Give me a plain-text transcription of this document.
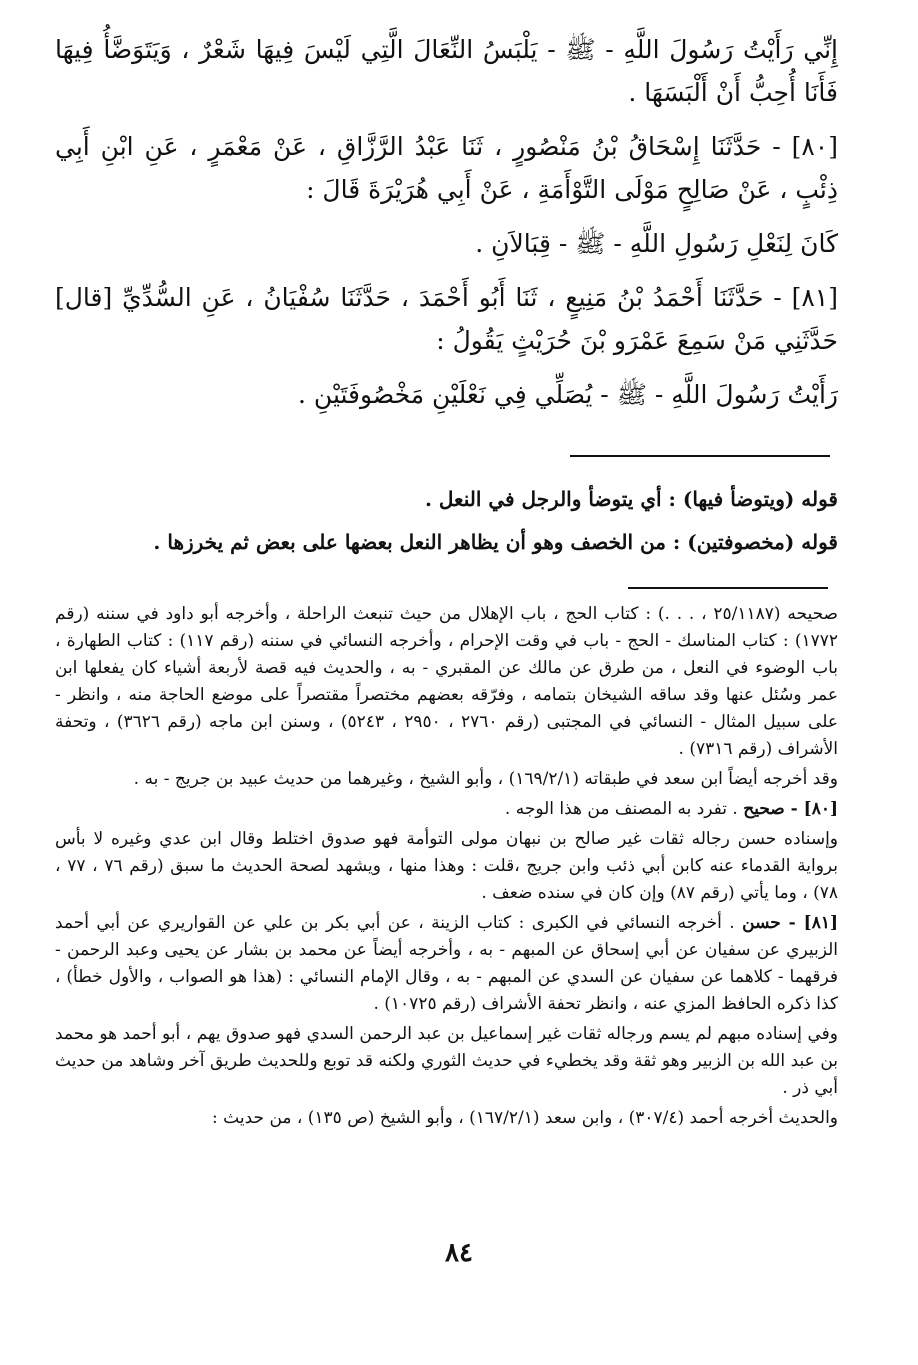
إِنِّي رَأَيْتُ رَسُولَ اللَّهِ - ﷺ - يَلْبَسُ النِّعَالَ الَّتِي لَيْسَ فِيهَا شَعْرٌ ، وَيَتَوَضَّأُ فِيهَا فَأَنَا أُحِبُّ أَنْ أَلْبَسَهَا .

[٨٠] - حَدَّثَنَا إِسْحَاقُ بْنُ مَنْصُورٍ ، ثَنَا عَبْدُ الرَّزَّاقِ ، عَنْ مَعْمَرٍ ، عَنِ ابْنِ أَبِي ذِئْبٍ ، عَنْ صَالِحٍ مَوْلَى التَّوْأَمَةِ ، عَنْ أَبِي هُرَيْرَةَ قَالَ :

كَانَ لِنَعْلِ رَسُولِ اللَّهِ - ﷺ - قِبَالاَنِ .

[٨١] - حَدَّثَنَا أَحْمَدُ بْنُ مَنِيعٍ ، ثَنَا أَبُو أَحْمَدَ ، حَدَّثَنَا سُفْيَانُ ، عَنِ السُّدِّيِّ [قال] حَدَّثَنِي مَنْ سَمِعَ عَمْرَو بْنَ حُرَيْثٍ يَقُولُ :

رَأَيْتُ رَسُولَ اللَّهِ - ﷺ - يُصَلِّي فِي نَعْلَيْنِ مَخْصُوفَتَيْنِ .

قوله (ويتوضأ فيها) : أي يتوضأ والرجل في النعل .

قوله (مخصوفتين) : من الخصف وهو أن يظاهر النعل بعضها على بعض ثم يخرزها .

صحيحه (٢٥/١١٨٧ ، . . .) : كتاب الحج ، باب الإهلال من حيث تنبعث الراحلة ، وأخرجه أبو داود في سننه (رقم ١٧٧٢) : كتاب المناسك - الحج - باب في وقت الإحرام ، وأخرجه النسائي في سننه (رقم ١١٧) : كتاب الطهارة ، باب الوضوء في النعل ، من طرق عن مالك عن المقبري - به ، والحديث فيه قصة لأربعة أشياء كان يفعلها ابن عمر وسُئل عنها وقد ساقه الشيخان بتمامه ، وفرّقه بعضهم مختصراً مقتصراً على موضع الحاجة منه ، وانظر - على سبيل المثال - النسائي في المجتبى (رقم ٢٧٦٠ ، ٢٩٥٠ ، ٥٢٤٣) ، وسنن ابن ماجه (رقم ٣٦٢٦) ، وتحفة الأشراف (رقم ٧٣١٦) .

وقد أخرجه أيضاً ابن سعد في طبقاته (١٦٩/٢/١) ، وأبو الشيخ ، وغيرهما من حديث عبيد بن جريج - به .

[٨٠] - صحيح . تفرد به المصنف من هذا الوجه .

وإسناده حسن رجاله ثقات غير صالح بن نبهان مولى التوأمة فهو صدوق اختلط وقال ابن عدي وغيره لا بأس برواية القدماء عنه كابن أبي ذئب وابن جريج ،قلت : وهذا منها ، ويشهد لصحة الحديث ما سبق (رقم ٧٦ ، ٧٧ ، ٧٨) ، وما يأتي (رقم ٨٧) وإن كان في سنده ضعف .

[٨١] - حسن . أخرجه النسائي في الكبرى : كتاب الزينة ، عن أبي بكر بن علي عن القواريري عن أبي أحمد الزبيري عن سفيان عن أبي إسحاق عن المبهم - به ، وأخرجه أيضاً عن محمد بن بشار عن يحيى وعبد الرحمن - فرقهما - كلاهما عن سفيان عن السدي عن المبهم - به ، وقال الإمام النسائي : (هذا هو الصواب ، والأول خطأ) ، كذا ذكره الحافظ المزي عنه ، وانظر تحفة الأشراف (رقم ١٠٧٢٥) .

وفي إسناده مبهم لم يسم ورجاله ثقات غير إسماعيل بن عبد الرحمن السدي فهو صدوق يهم ، أبو أحمد هو محمد بن عبد الله بن الزبير وهو ثقة وقد يخطيء في حديث الثوري ولكنه قد توبع وللحديث طريق آخر وشاهد من حديث أبي ذر .

والحديث أخرجه أحمد (٣٠٧/٤) ، وابن سعد (١٦٧/٢/١) ، وأبو الشيخ (ص ١٣٥) ، من حديث :

٨٤
